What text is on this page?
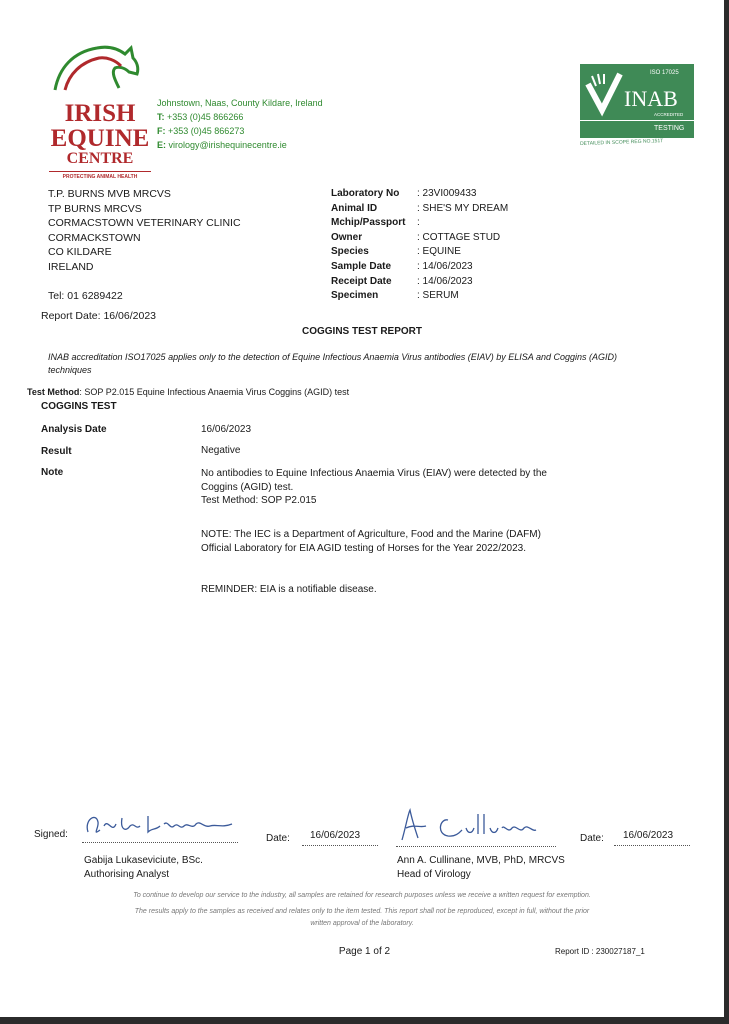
IRISH
EQUINE
CENTRE
PROTECTING ANIMAL HEALTH
Johnstown, Naas, County Kildare, Ireland
T: +353 (0)45 866266
F: +353 (0)45 866273
E: virology@irishequinecentre.ie
ISO 17025
INAB
ACCREDITED
TESTING
DETAILED IN SCOPE REG NO.151T
T.P. BURNS MVB MRCVS
TP BURNS MRCVS
CORMACSTOWN VETERINARY CLINIC
CORMACKSTOWN
CO KILDARE
IRELAND
Tel: 01 6289422
Report Date: 16/06/2023
Laboratory No	: 23VI009433
Animal ID	: SHE'S MY DREAM
Mchip/Passport	:
Owner	: COTTAGE STUD
Species	: EQUINE
Sample Date	: 14/06/2023
Receipt Date	: 14/06/2023
Specimen	: SERUM
COGGINS TEST REPORT
INAB accreditation ISO17025 applies only to the detection of Equine Infectious Anaemia Virus antibodies (EIAV) by ELISA and Coggins (AGID) techniques
Test Method: SOP P2.015 Equine Infectious Anaemia Virus Coggins (AGID) test
COGGINS TEST
Analysis Date	16/06/2023
Result	Negative
Note	No antibodies to Equine Infectious Anaemia Virus (EIAV) were detected by the Coggins (AGID) test.
Test Method: SOP P2.015
NOTE: The IEC is a Department of Agriculture, Food and the Marine (DAFM) Official Laboratory for EIA AGID testing of Horses for the Year 2022/2023.
REMINDER: EIA is a notifiable disease.
Signed:	Date: 16/06/2023
Gabija Lukaseviciute, BSc.
Authorising Analyst
Date: 16/06/2023
Ann A. Cullinane, MVB, PhD, MRCVS
Head of Virology
To continue to develop our service to the industry, all samples are retained for research purposes unless we receive a written request for exemption.
The results apply to the samples as received and relates only to the item tested. This report shall not be reproduced, except in full, without the prior
written approval of the laboratory.
Page 1 of 2	Report ID : 230027187_1
